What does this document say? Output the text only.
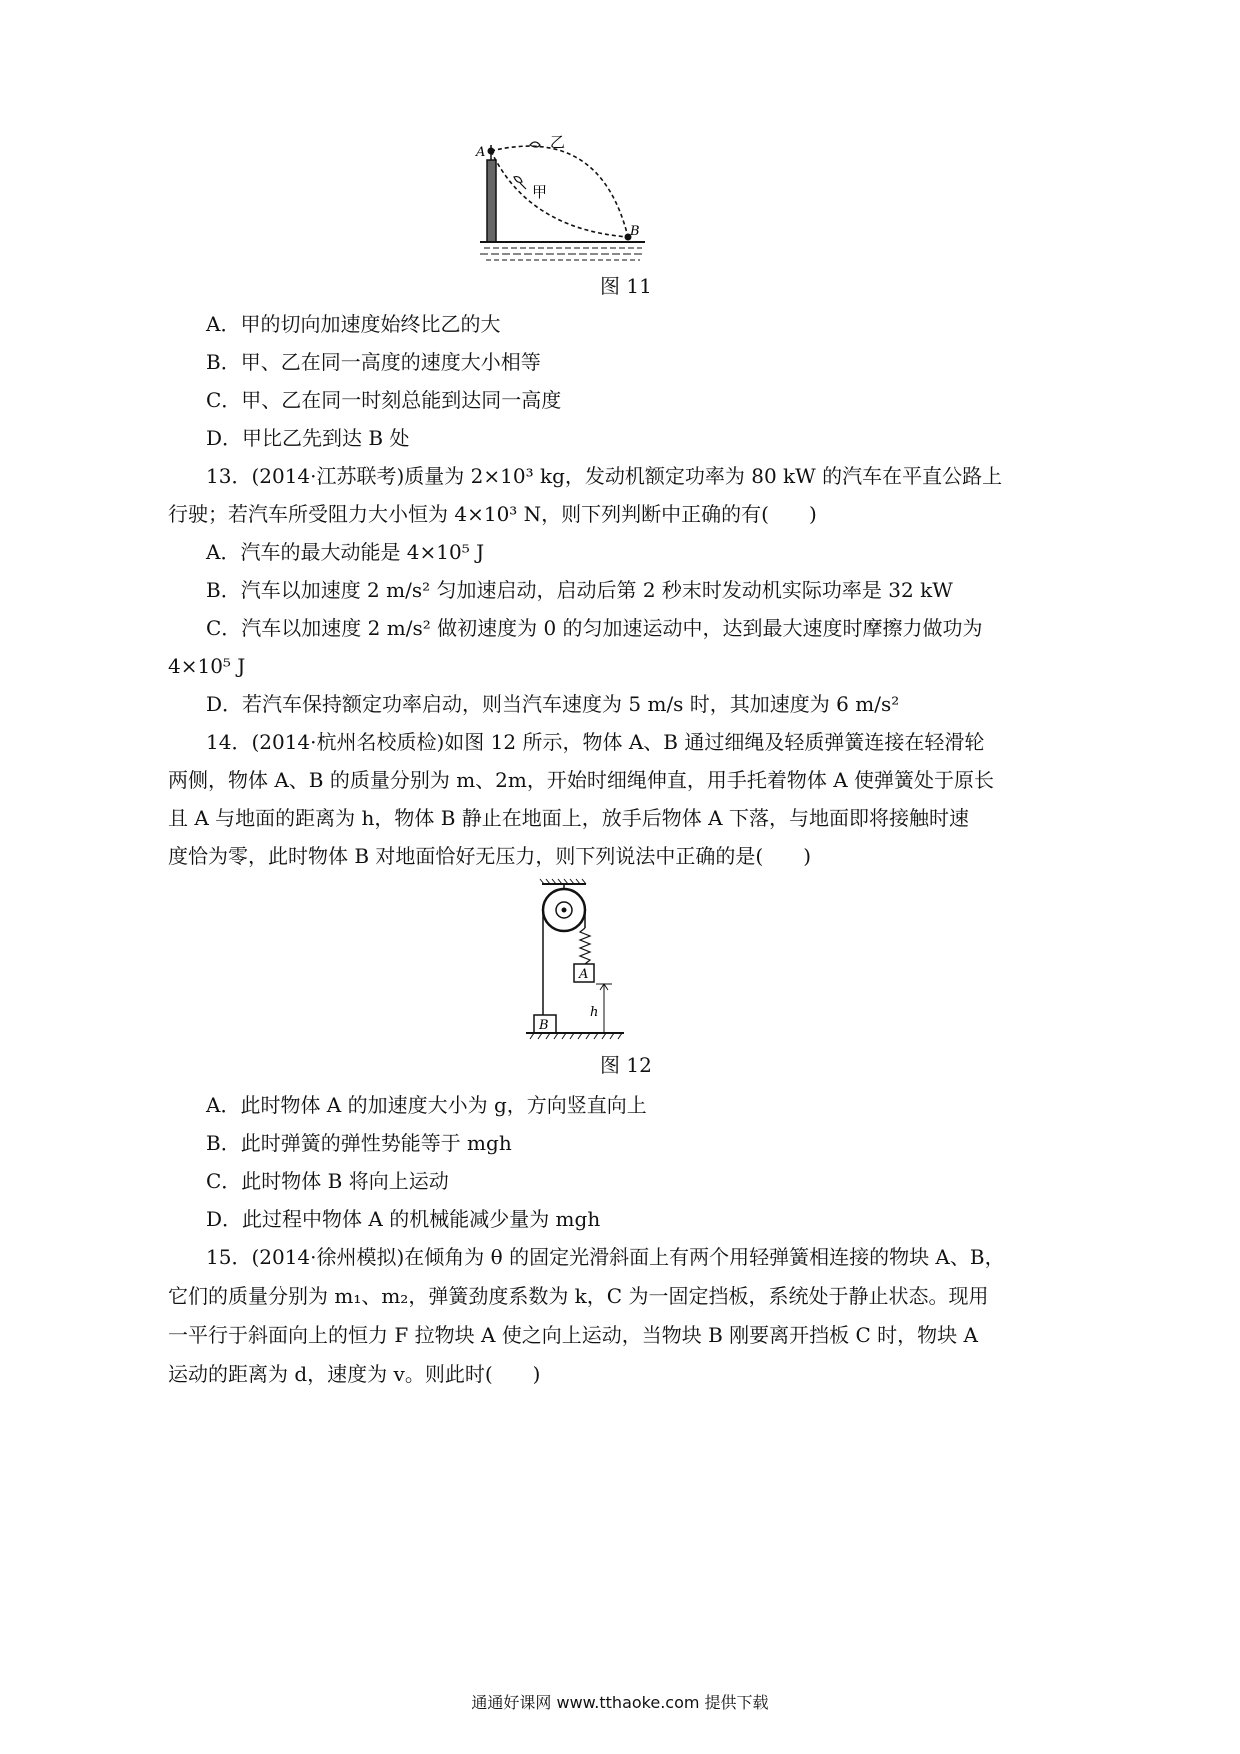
A
B
甲
乙
图 11
A．甲的切向加速度始终比乙的大
B．甲、乙在同一高度的速度大小相等
C．甲、乙在同一时刻总能到达同一高度
D．甲比乙先到达 B 处
13．(2014·江苏联考)质量为 2×10³ kg，发动机额定功率为 80 kW 的汽车在平直公路上
行驶；若汽车所受阻力大小恒为 4×10³ N，则下列判断中正确的有(　　)
A．汽车的最大动能是 4×10⁵ J
B．汽车以加速度 2 m/s² 匀加速启动，启动后第 2 秒末时发动机实际功率是 32 kW
C．汽车以加速度 2 m/s² 做初速度为 0 的匀加速运动中，达到最大速度时摩擦力做功为
4×10⁵ J
D．若汽车保持额定功率启动，则当汽车速度为 5 m/s 时，其加速度为 6 m/s²
14．(2014·杭州名校质检)如图 12 所示，物体 A、B 通过细绳及轻质弹簧连接在轻滑轮
两侧，物体 A、B 的质量分别为 m、2m，开始时细绳伸直，用手托着物体 A 使弹簧处于原长
且 A 与地面的距离为 h，物体 B 静止在地面上，放手后物体 A 下落，与地面即将接触时速
度恰为零，此时物体 B 对地面恰好无压力，则下列说法中正确的是(　　)
A
h
B
图 12
A．此时物体 A 的加速度大小为 g，方向竖直向上
B．此时弹簧的弹性势能等于 mgh
C．此时物体 B 将向上运动
D．此过程中物体 A 的机械能减少量为 mgh
15．(2014·徐州模拟)在倾角为 θ 的固定光滑斜面上有两个用轻弹簧相连接的物块 A、B，
它们的质量分别为 m₁、m₂，弹簧劲度系数为 k，C 为一固定挡板，系统处于静止状态。现用
一平行于斜面向上的恒力 F 拉物块 A 使之向上运动，当物块 B 刚要离开挡板 C 时，物块 A
运动的距离为 d，速度为 v。则此时(　　)
通通好课网 www.tthaoke.com 提供下载
